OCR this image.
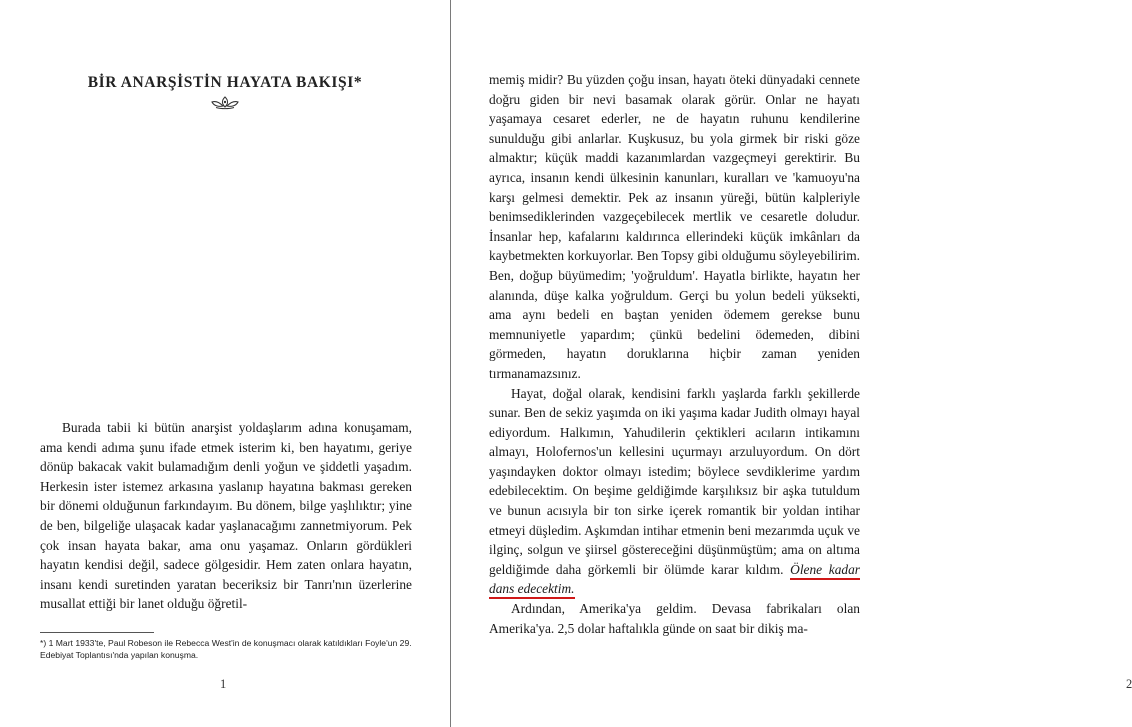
BİR ANARŞİSTİN HAYATA BAKIŞI*

Burada tabii ki bütün anarşist yoldaşlarım adına konuşamam, ama kendi adıma şunu ifade etmek isterim ki, ben hayatımı, geriye dönüp bakacak vakit bulamadığım denli yoğun ve şiddetli yaşadım. Herkesin ister istemez arkasına yaslanıp hayatına bakması gereken bir dönemi olduğunun farkındayım. Bu dönem, bilge yaşlılıktır; yine de ben, bilgeliğe ulaşacak kadar yaşlanacağımı zannetmiyorum. Pek çok insan hayata bakar, ama onu yaşamaz. Onların gördükleri hayatın kendisi değil, sadece gölgesidir. Hem zaten onlara hayatın, insanı kendi suretinden yaratan beceriksiz bir Tanrı'nın üzerlerine musallat ettiği bir lanet olduğu öğretil-

*) 1 Mart 1933'te, Paul Robeson ile Rebecca West'in de konuşmacı olarak katıldıkları Foyle'un 29. Edebiyat Toplantısı'nda yapılan konuşma.

1	2

memiş midir? Bu yüzden çoğu insan, hayatı öteki dünyadaki cennete doğru giden bir nevi basamak olarak görür. Onlar ne hayatı yaşamaya cesaret ederler, ne de hayatın ruhunu kendilerine sunulduğu gibi anlarlar. Kuşkusuz, bu yola girmek bir riski göze almaktır; küçük maddi kazanımlardan vazgeçmeyi gerektirir. Bu ayrıca, insanın kendi ülkesinin kanunları, kuralları ve 'kamuoyu'na karşı gelmesi demektir. Pek az insanın yüreği, bütün kalpleriyle benimsediklerinden vazgeçebilecek mertlik ve cesaretle doludur. İnsanlar hep, kafalarını kaldırınca ellerindeki küçük imkânları da kaybetmekten korkuyorlar. Ben Topsy gibi olduğumu söyleyebilirim. Ben, doğup büyümedim; 'yoğruldum'. Hayatla birlikte, hayatın her alanında, düşe kalka yoğruldum. Gerçi bu yolun bedeli yüksekti, ama aynı bedeli en baştan yeniden ödemem gerekse bunu memnuniyetle yapardım; çünkü bedelini ödemeden, dibini görmeden, hayatın doruklarına hiçbir zaman yeniden tırmanamazsınız.

Hayat, doğal olarak, kendisini farklı yaşlarda farklı şekillerde sunar. Ben de sekiz yaşımda on iki yaşıma kadar Judith olmayı hayal ediyordum. Halkımın, Yahudilerin çektikleri acıların intikamını almayı, Holofernos'un kellesini uçurmayı arzuluyordum. On dört yaşındayken doktor olmayı istedim; böylece sevdiklerime yardım edebilecektim. On beşime geldiğimde karşılıksız bir aşka tutuldum ve bunun acısıyla bir ton sirke içerek romantik bir yoldan intihar etmeyi düşledim. Aşkımdan intihar etmenin beni mezarımda uçuk ve ilginç, solgun ve şiirsel göstereceğini düşünmüştüm; ama on altıma geldiğimde daha görkemli bir ölümde karar kıldım. Ölene kadar dans edecektim.

Ardından, Amerika'ya geldim. Devasa fabrikaları olan Amerika'ya. 2,5 dolar haftalıkla günde on saat bir dikiş ma-
